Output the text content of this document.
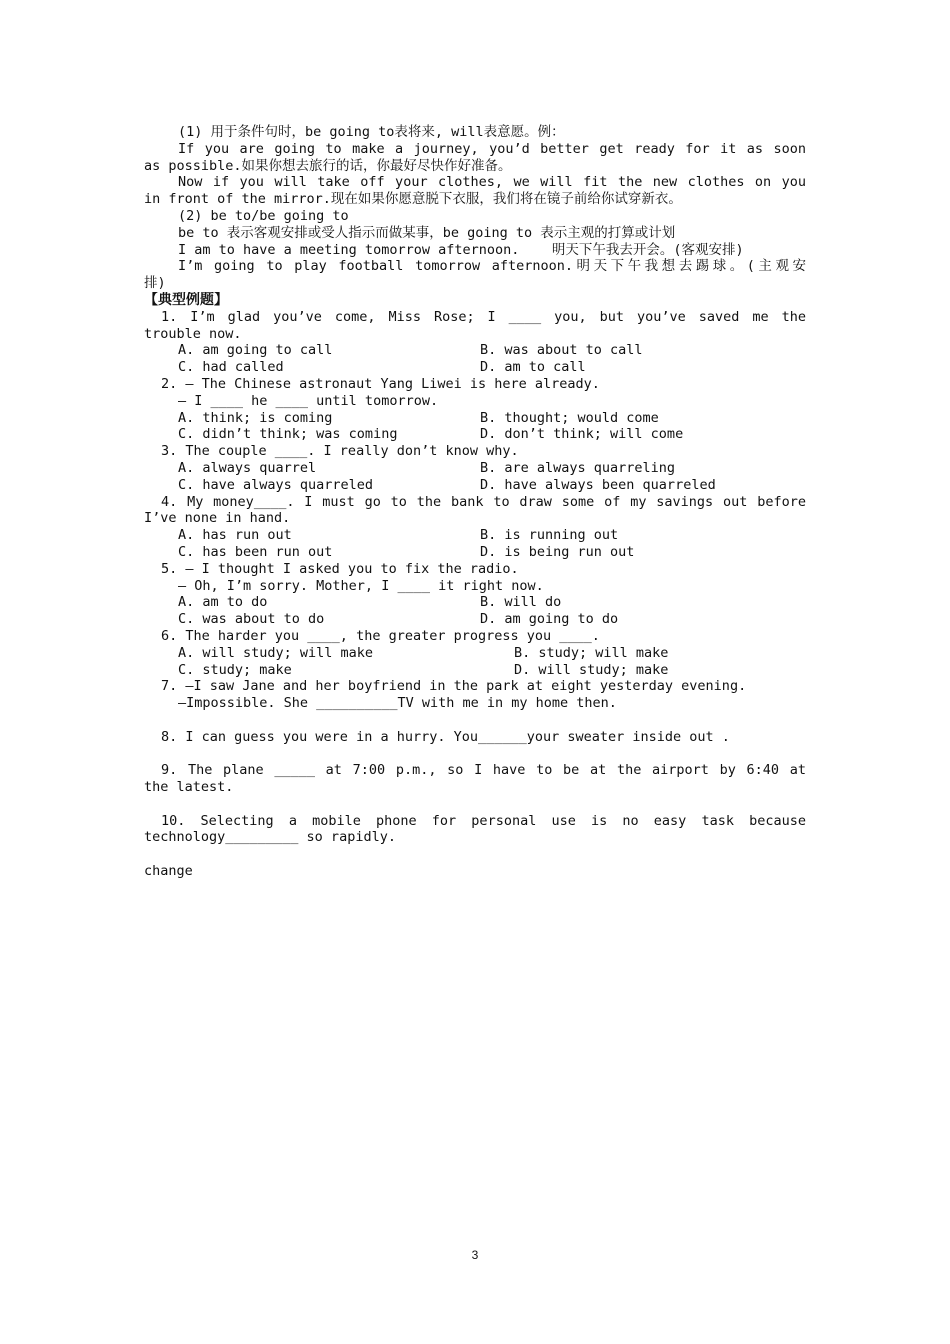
(1) 用于条件句时，be going to表将来, will表意愿。例：
If you are going to make a journey, you’d better get ready for it as soon
as possible.如果你想去旅行的话，你最好尽快作好准备。
Now if you will take off your clothes, we will fit the new clothes on you
in front of the mirror.现在如果你愿意脱下衣服，我们将在镜子前给你试穿新衣。
(2) be to/be going to
be to 表示客观安排或受人指示而做某事，be going to 表示主观的打算或计划
I am to have a meeting tomorrow afternoon.    明天下午我去开会。(客观安排)
I’m going to play football tomorrow afternoon.明天下午我想去踢球。(主观安
排)
【典型例题】
1. I’m glad you’ve come, Miss Rose; I ____ you, but you’ve saved me the
trouble now.
A. am going to call	B. was about to call
C. had called	D. am to call
2. — The Chinese astronaut Yang Liwei is here already.
— I ____ he ____ until tomorrow.
A. think; is coming	B. thought; would come
C. didn’t think; was coming	D. don’t think; will come
3. The couple ____. I really don’t know why.
A. always quarrel	B. are always quarreling
C. have always quarreled	D. have always been quarreled
4. My money____. I must go to the bank to draw some of my savings out before
I’ve none in hand.
A. has run out	B. is running out
C. has been run out	D. is being run out
5. — I thought I asked you to fix the radio.
— Oh, I’m sorry. Mother, I ____ it right now.
A. am to do	B. will do
C. was about to do	D. am going to do
6. The harder you ____, the greater progress you ____.
A. will study; will make	B. study; will make
C. study; make	D. will study; make
7. —I saw Jane and her boyfriend in the park at eight yesterday evening.
—Impossible. She __________TV with me in my home then.

8. I can guess you were in a hurry. You______your sweater inside out .

9. The plane _____ at 7:00 p.m., so I have to be at the airport by 6:40 at
the latest.

10. Selecting a mobile phone for personal use is no easy task because
technology_________ so rapidly.

change

3
